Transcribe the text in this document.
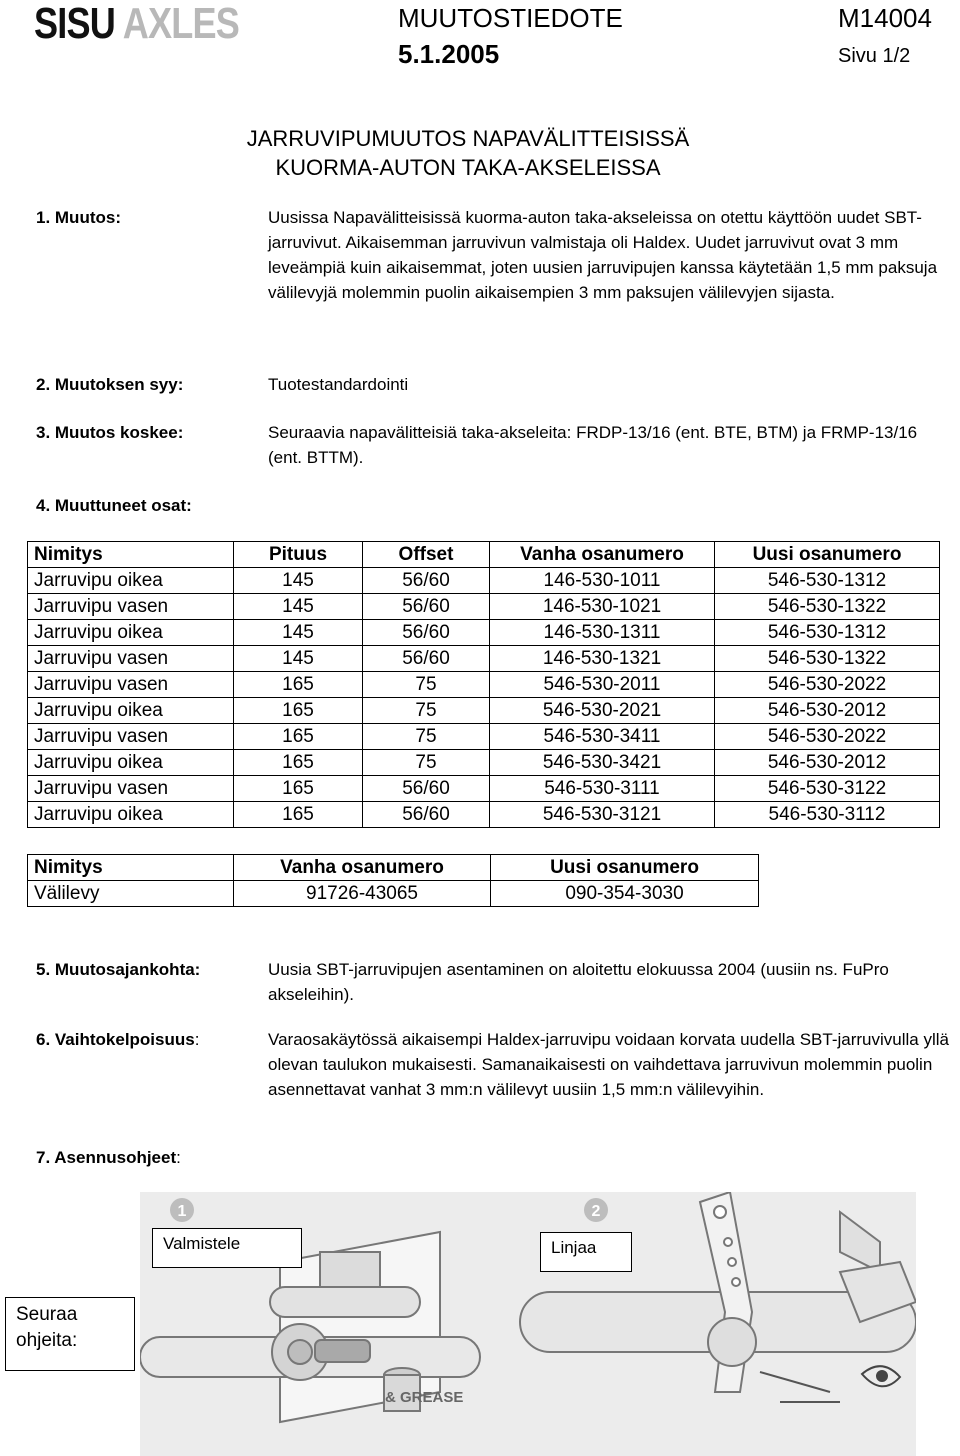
SISU AXLES	MUUTOSTIEDOTE
5.1.2005
M14004
Sivu 1/2
JARRUVIPUMUUTOS NAPAVÄLITTEISISSÄ
KUORMA-AUTON TAKA-AKSELEISSA
1. Muutos:	Uusissa Napavälitteisissä kuorma-auton taka-akseleissa on otettu käyttöön uudet SBT-jarruvivut. Aikaisemman jarruvivun valmistaja oli Haldex. Uudet jarruvivut ovat 3 mm leveämpiä kuin aikaisemmat, joten uusien jarruvipujen kanssa käytetään 1,5 mm paksuja välilevyjä molemmin puolin aikaisempien 3 mm paksujen välilevyjen sijasta.
2. Muutoksen syy:	Tuotestandardointi
3. Muutos koskee:	Seuraavia napavälitteisiä taka-akseleita: FRDP-13/16 (ent. BTE, BTM) ja FRMP-13/16 (ent. BTTM).
4. Muuttuneet osat:
Nimitys	Pituus	Offset	Vanha osanumero	Uusi osanumero
Jarruvipu oikea	145	56/60	146-530-1011	546-530-1312
Jarruvipu vasen	145	56/60	146-530-1021	546-530-1322
Jarruvipu oikea	145	56/60	146-530-1311	546-530-1312
Jarruvipu vasen	145	56/60	146-530-1321	546-530-1322
Jarruvipu vasen	165	75	546-530-2011	546-530-2022
Jarruvipu oikea	165	75	546-530-2021	546-530-2012
Jarruvipu vasen	165	75	546-530-3411	546-530-2022
Jarruvipu oikea	165	75	546-530-3421	546-530-2012
Jarruvipu vasen	165	56/60	546-530-3111	546-530-3122
Jarruvipu oikea	165	56/60	546-530-3121	546-530-3112
Nimitys	Vanha osanumero	Uusi osanumero
Välilevy	91726-43065	090-354-3030
5. Muutosajankohta:	Uusia SBT-jarruvipujen asentaminen on aloitettu elokuussa 2004 (uusiin ns. FuPro akseleihin).
6. Vaihtokelpoisuus:	Varaosakäytössä aikaisempi Haldex-jarruvipu voidaan korvata uudella SBT-jarruvivulla yllä olevan taulukon mukaisesti. Samanaikaisesti on vaihdettava jarruvivun molemmin puolin asennettavat vanhat 3 mm:n välilevyt uusiin 1,5 mm:n välilevyihin.
7. Asennusohjeet:
& GREASE
1	2
Valmistele	Linjaa
Seuraa
ohjeita:
